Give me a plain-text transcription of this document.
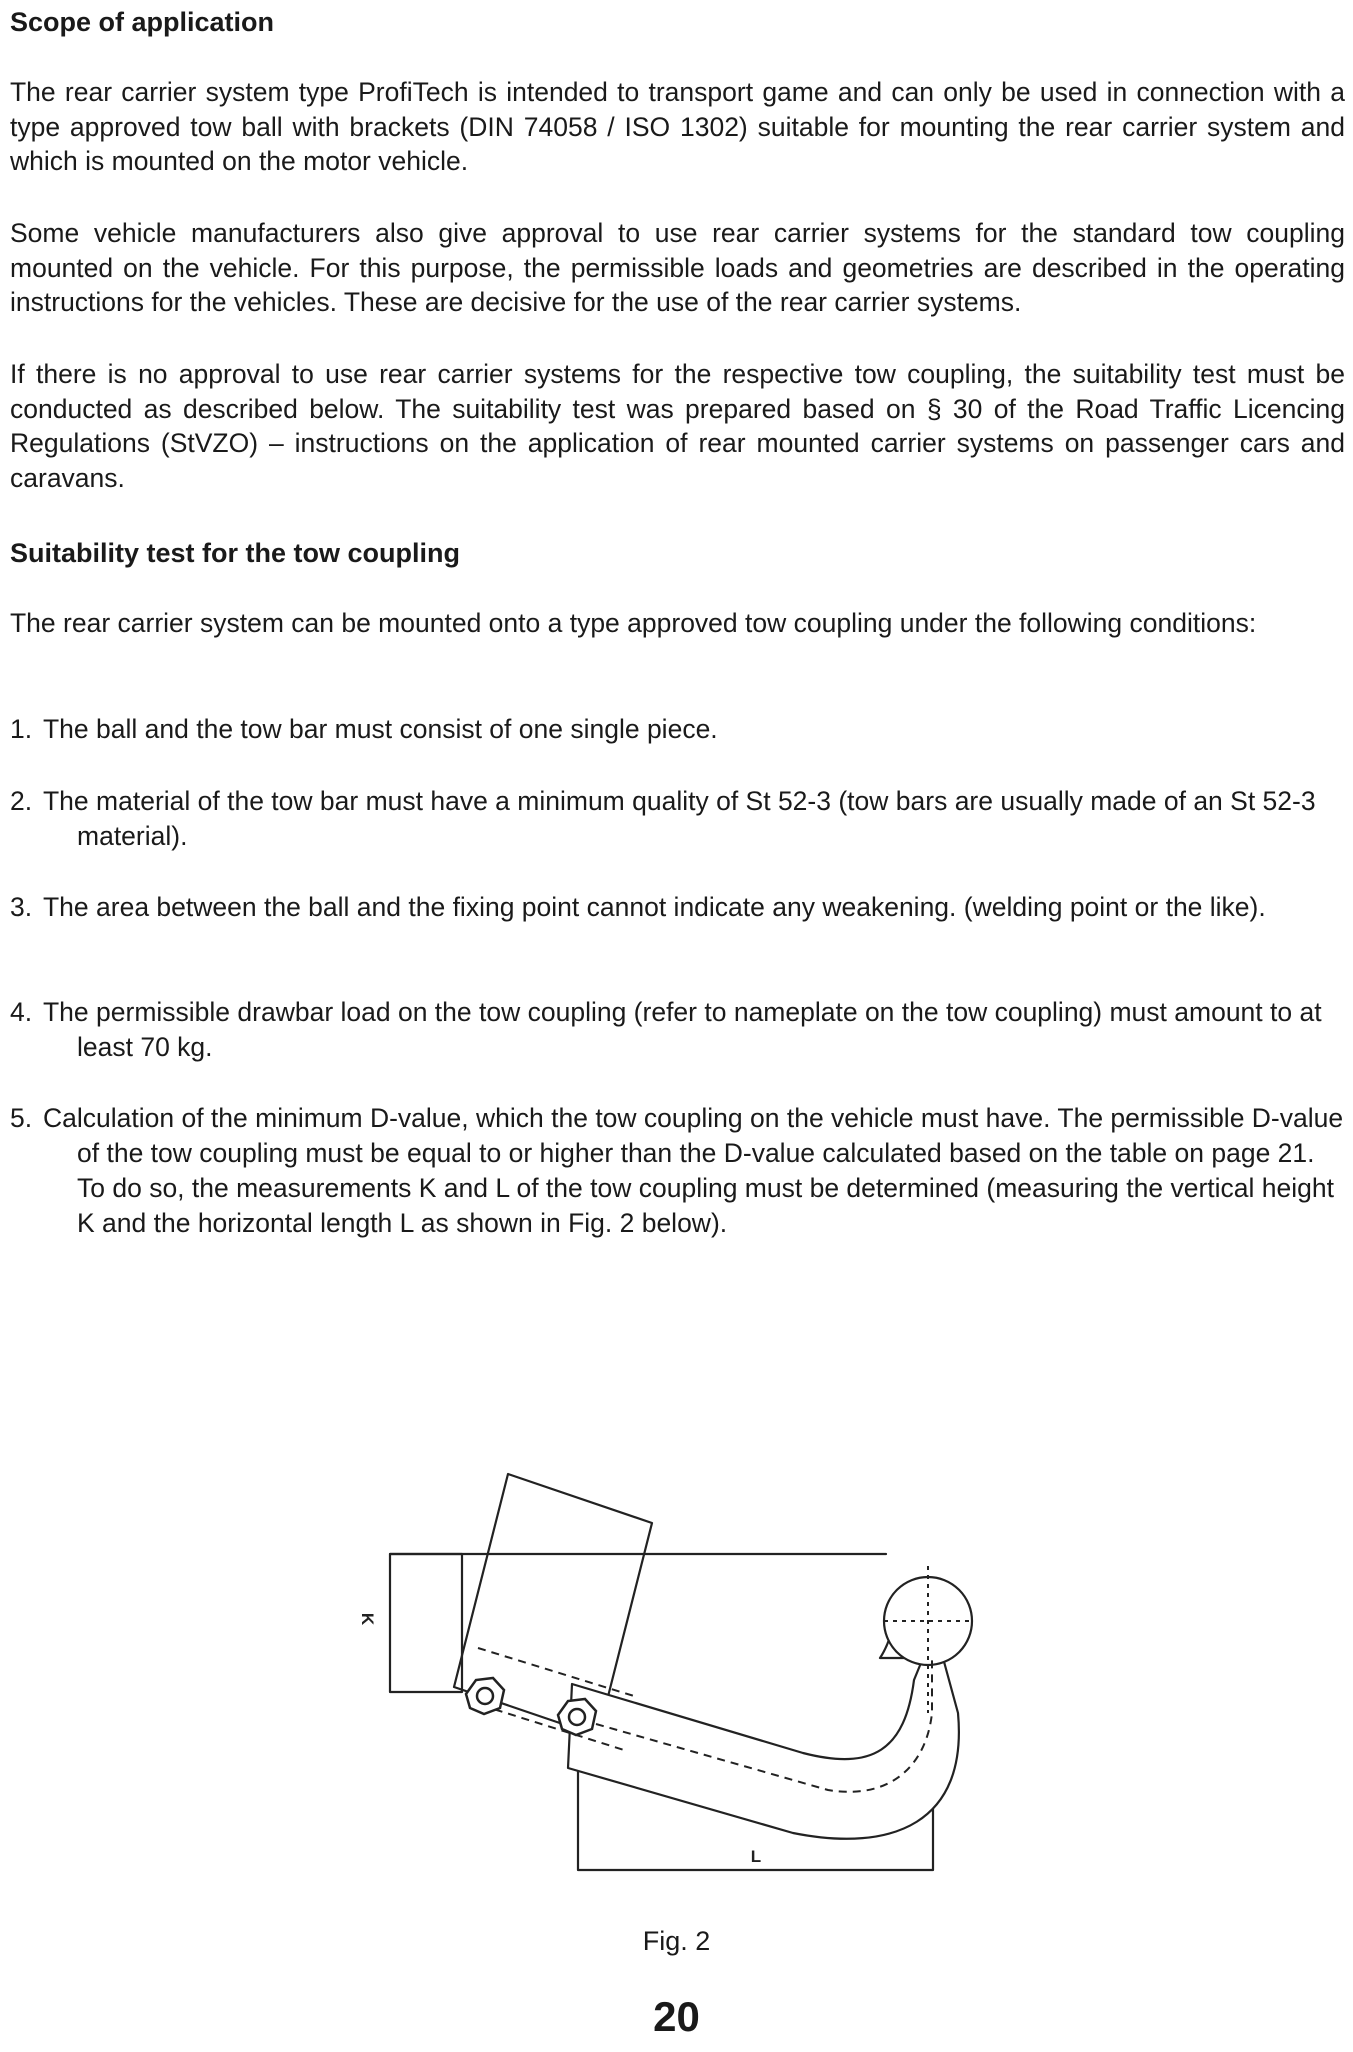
Scope of application

The rear carrier system type ProfiTech is intended to transport game and can only be used in connection with a type approved tow ball with brackets (DIN 74058 / ISO 1302) suitable for mounting the rear carrier system and which is mounted on the motor vehicle.

Some vehicle manufacturers also give approval to use rear carrier systems for the standard tow coupling mounted on the vehicle. For this purpose, the permissible loads and geometries are described in the operating instructions for the vehicles. These are decisive for the use of the rear carrier systems.

If there is no approval to use rear carrier systems for the respective tow coupling, the suitability test must be conducted as described below. The suitability test was prepared based on § 30 of the Road Traffic Licencing Regulations (StVZO) – instructions on the application of rear mounted carrier systems on passenger cars and caravans.

Suitability test for the tow coupling

The rear carrier system can be mounted onto a type approved tow coupling under the following conditions:

1. The ball and the tow bar must consist of one single piece.

2. The material of the tow bar must have a minimum quality of St 52-3 (tow bars are usually made of an St 52-3 material).

3. The area between the ball and the fixing point cannot indicate any weakening. (welding point or the like).

4. The permissible drawbar load on the tow coupling (refer to nameplate on the tow coupling) must amount to at least 70 kg.

5. Calculation of the minimum D-value, which the tow coupling on the vehicle must have. The permissible D-value of the tow coupling must be equal to or higher than the D-value calculated based on the table on page 21.
To do so, the measurements K and L of the tow coupling must be determined (measuring the vertical height K and the horizontal length L as shown in Fig. 2 below).

K
L
Fig. 2
20
